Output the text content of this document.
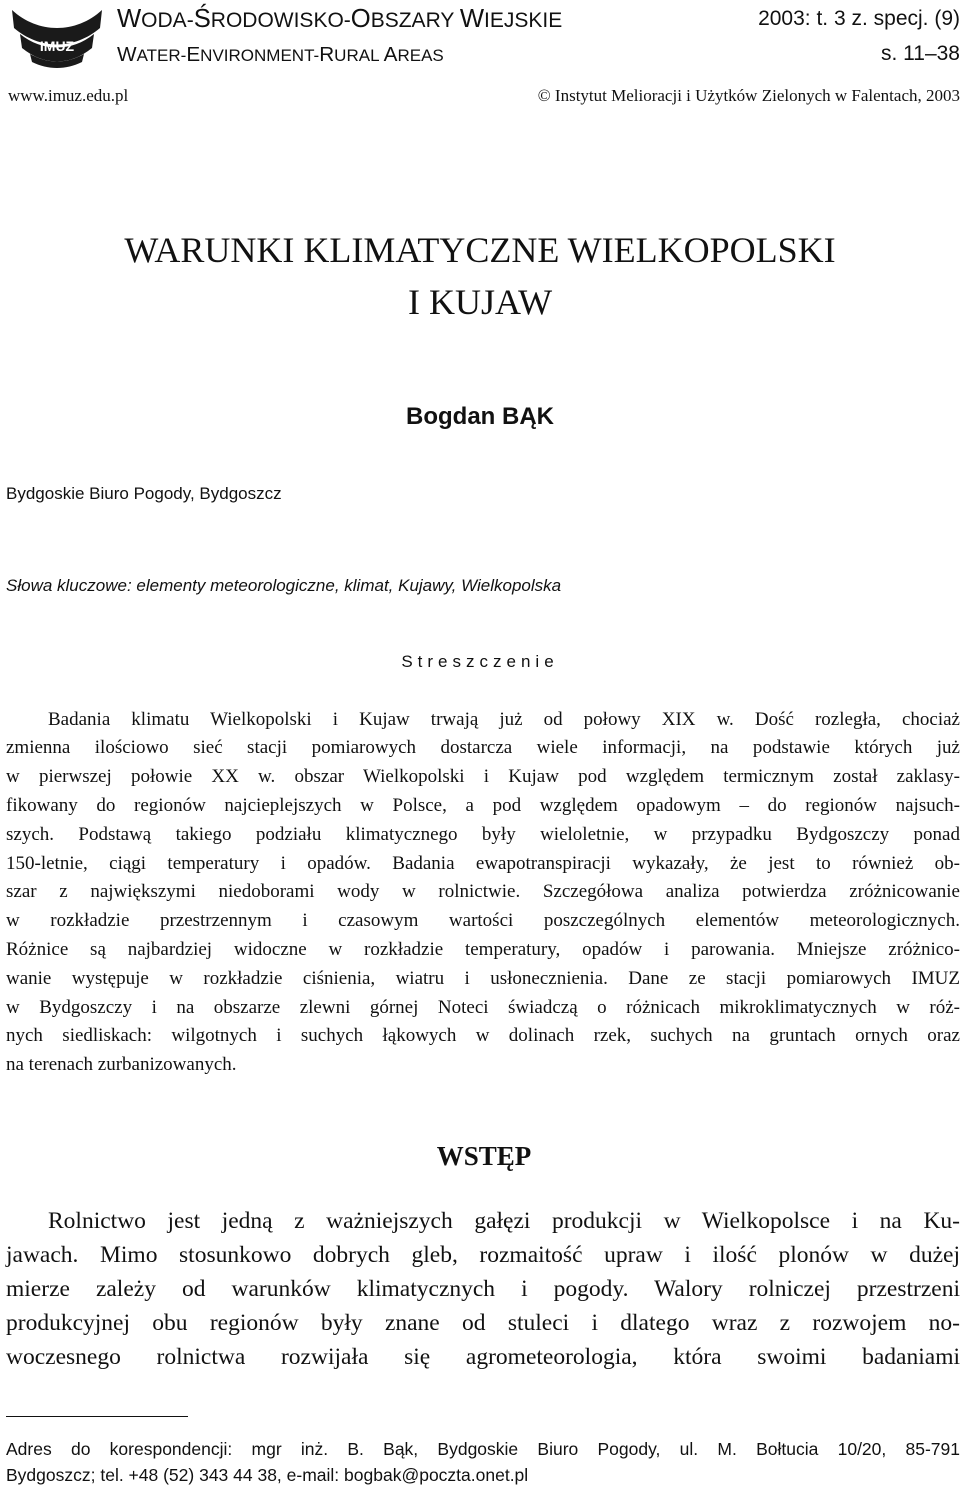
IMUZ
WODA-ŚRODOWISKO-OBSZARY WIEJSKIE
WATER-ENVIRONMENT-RURAL AREAS
2003: t. 3 z. specj. (9)
s. 11–38
www.imuz.edu.pl	© Instytut Melioracji i Użytków Zielonych w Falentach, 2003
WARUNKI KLIMATYCZNE WIELKOPOLSKI
I KUJAW
Bogdan BĄK
Bydgoskie Biuro Pogody, Bydgoszcz
Słowa kluczowe: elementy meteorologiczne, klimat, Kujawy, Wielkopolska
Streszczenie
Badania klimatu Wielkopolski i Kujaw trwają już od połowy XIX w. Dość rozległa, chociaż
zmienna ilościowo sieć stacji pomiarowych dostarcza wiele informacji, na podstawie których już
w pierwszej połowie XX w. obszar Wielkopolski i Kujaw pod względem termicznym został zaklasy-
fikowany do regionów najcieplejszych w Polsce, a pod względem opadowym – do regionów najsuch-
szych. Podstawą takiego podziału klimatycznego były wieloletnie, w przypadku Bydgoszczy ponad
150-letnie, ciągi temperatury i opadów. Badania ewapotranspiracji wykazały, że jest to również ob-
szar z największymi niedoborami wody w rolnictwie. Szczegółowa analiza potwierdza zróżnicowanie
w rozkładzie przestrzennym i czasowym wartości poszczególnych elementów meteorologicznych.
Różnice są najbardziej widoczne w rozkładzie temperatury, opadów i parowania. Mniejsze zróżnico-
wanie występuje w rozkładzie ciśnienia, wiatru i usłonecznienia. Dane ze stacji pomiarowych IMUZ
w Bydgoszczy i na obszarze zlewni górnej Noteci świadczą o różnicach mikroklimatycznych w róż-
nych siedliskach: wilgotnych i suchych łąkowych w dolinach rzek, suchych na gruntach ornych oraz
na terenach zurbanizowanych.
WSTĘP
Rolnictwo jest jedną z ważniejszych gałęzi produkcji w Wielkopolsce i na Ku-
jawach. Mimo stosunkowo dobrych gleb, rozmaitość upraw i ilość plonów w dużej
mierze zależy od warunków klimatycznych i pogody. Walory rolniczej przestrzeni
produkcyjnej obu regionów były znane od stuleci i dlatego wraz z rozwojem no-
woczesnego rolnictwa rozwijała się agrometeorologia, która swoimi badaniami
Adres do korespondencji: mgr inż. B. Bąk, Bydgoskie Biuro Pogody, ul. M. Bołtucia 10/20, 85-791
Bydgoszcz; tel. +48 (52) 343 44 38, e-mail: bogbak@poczta.onet.pl
